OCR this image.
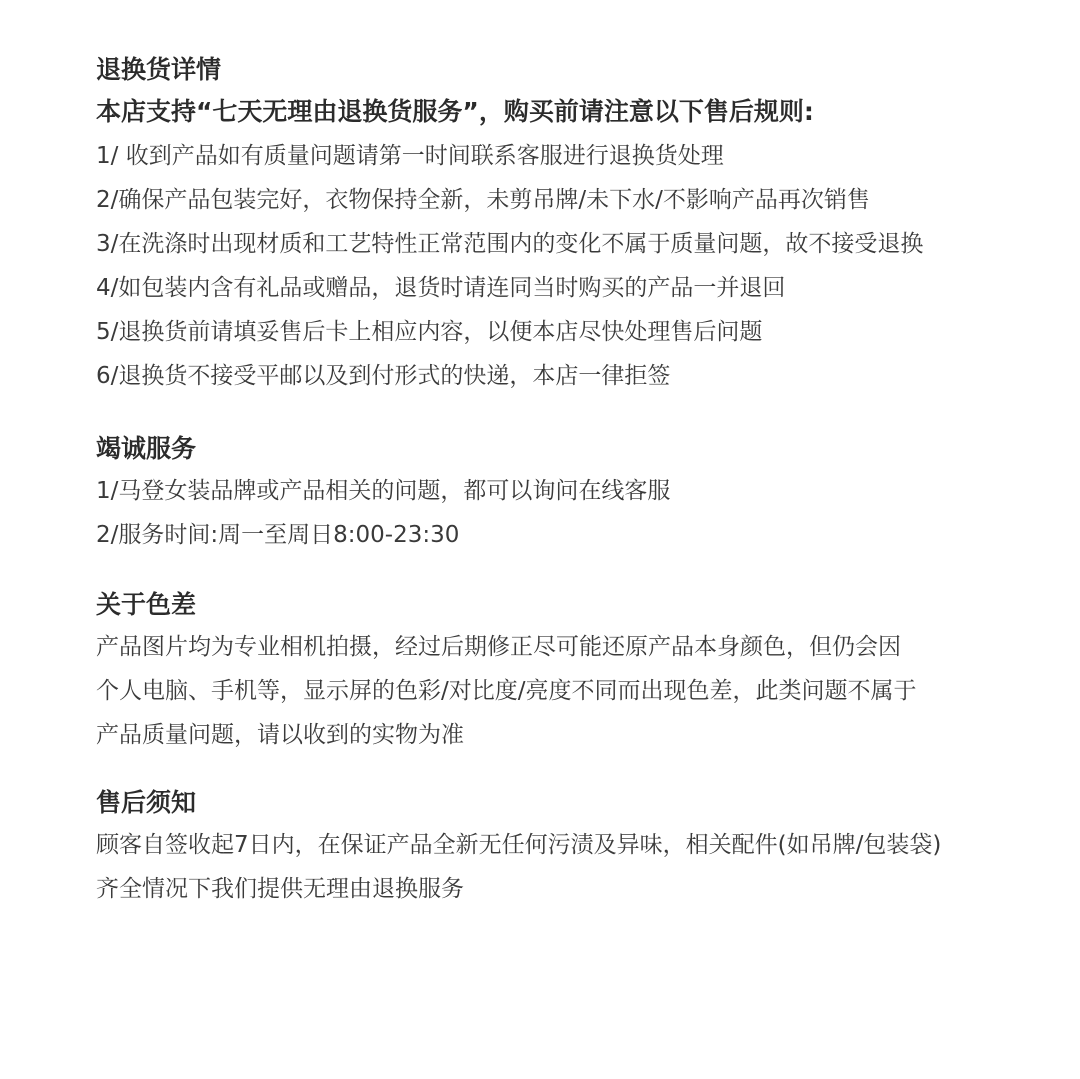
退换货详情
本店支持“七天无理由退换货服务”，购买前请注意以下售后规则:
1/ 收到产品如有质量问题请第一时间联系客服进行退换货处理
2/确保产品包装完好，衣物保持全新，未剪吊牌/未下水/不影响产品再次销售
3/在洗涤时出现材质和工艺特性正常范围内的变化不属于质量问题，故不接受退换
4/如包装内含有礼品或赠品，退货时请连同当时购买的产品一并退回
5/退换货前请填妥售后卡上相应内容，以便本店尽快处理售后问题
6/退换货不接受平邮以及到付形式的快递，本店一律拒签
竭诚服务
1/马登女装品牌或产品相关的问题，都可以询问在线客服
2/服务时间:周一至周日8:00-23:30
关于色差
产品图片均为专业相机拍摄，经过后期修正尽可能还原产品本身颜色，但仍会因
个人电脑、手机等，显示屏的色彩/对比度/亮度不同而出现色差，此类问题不属于
产品质量问题，请以收到的实物为准
售后须知
顾客自签收起7日内，在保证产品全新无任何污渍及异味，相关配件(如吊牌/包装袋)
齐全情况下我们提供无理由退换服务
